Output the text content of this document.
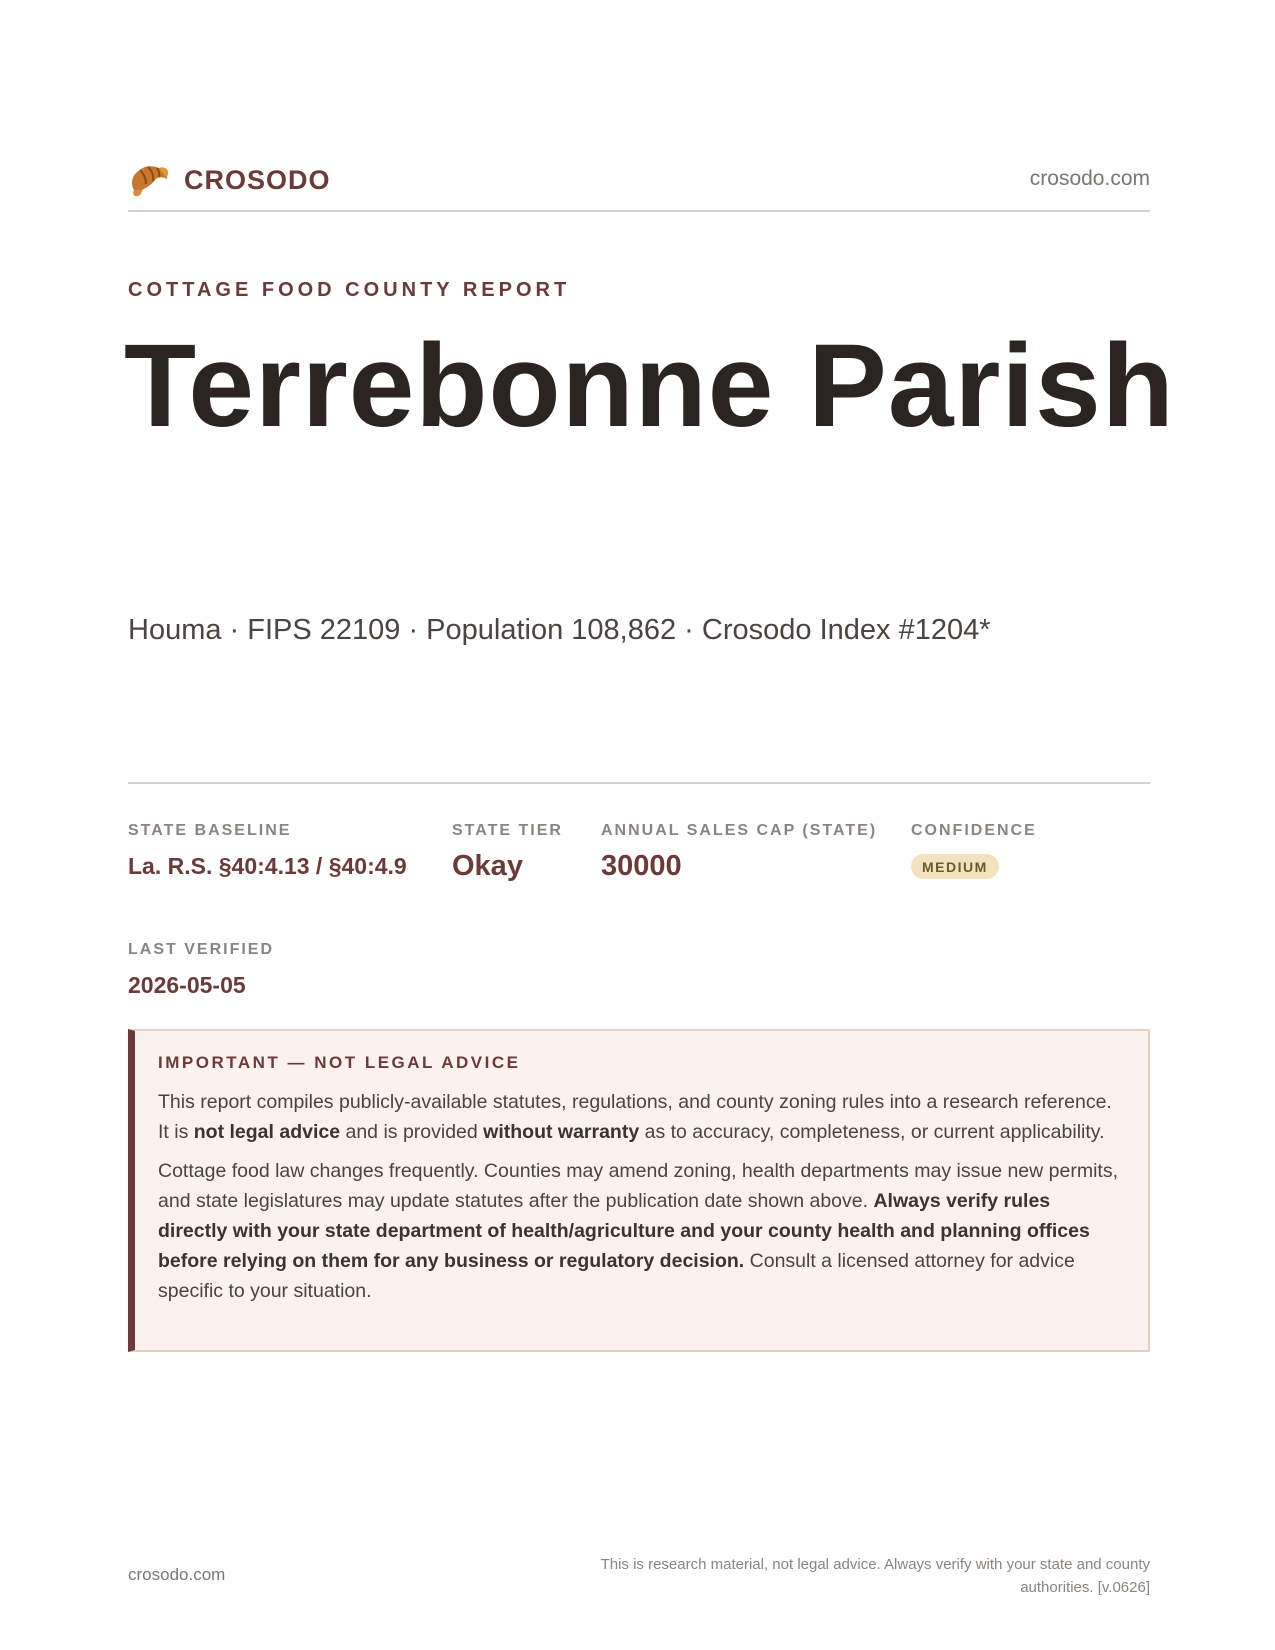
CROSODO	crosodo.com
COTTAGE FOOD COUNTY REPORT
Terrebonne Parish
Houma · FIPS 22109 · Population 108,862 · Crosodo Index #1204*
STATE BASELINE
La. R.S. §40:4.13 / §40:4.9
STATE TIER
Okay
ANNUAL SALES CAP (STATE)
30000
CONFIDENCE
MEDIUM
LAST VERIFIED
2026-05-05
IMPORTANT — NOT LEGAL ADVICE

This report compiles publicly-available statutes, regulations, and county zoning rules into a research reference. It is not legal advice and is provided without warranty as to accuracy, completeness, or current applicability.

Cottage food law changes frequently. Counties may amend zoning, health departments may issue new permits, and state legislatures may update statutes after the publication date shown above. Always verify rules directly with your state department of health/agriculture and your county health and planning offices before relying on them for any business or regulatory decision. Consult a licensed attorney for advice specific to your situation.

crosodo.com
This is research material, not legal advice. Always verify with your state and county authorities. [v.0626]
